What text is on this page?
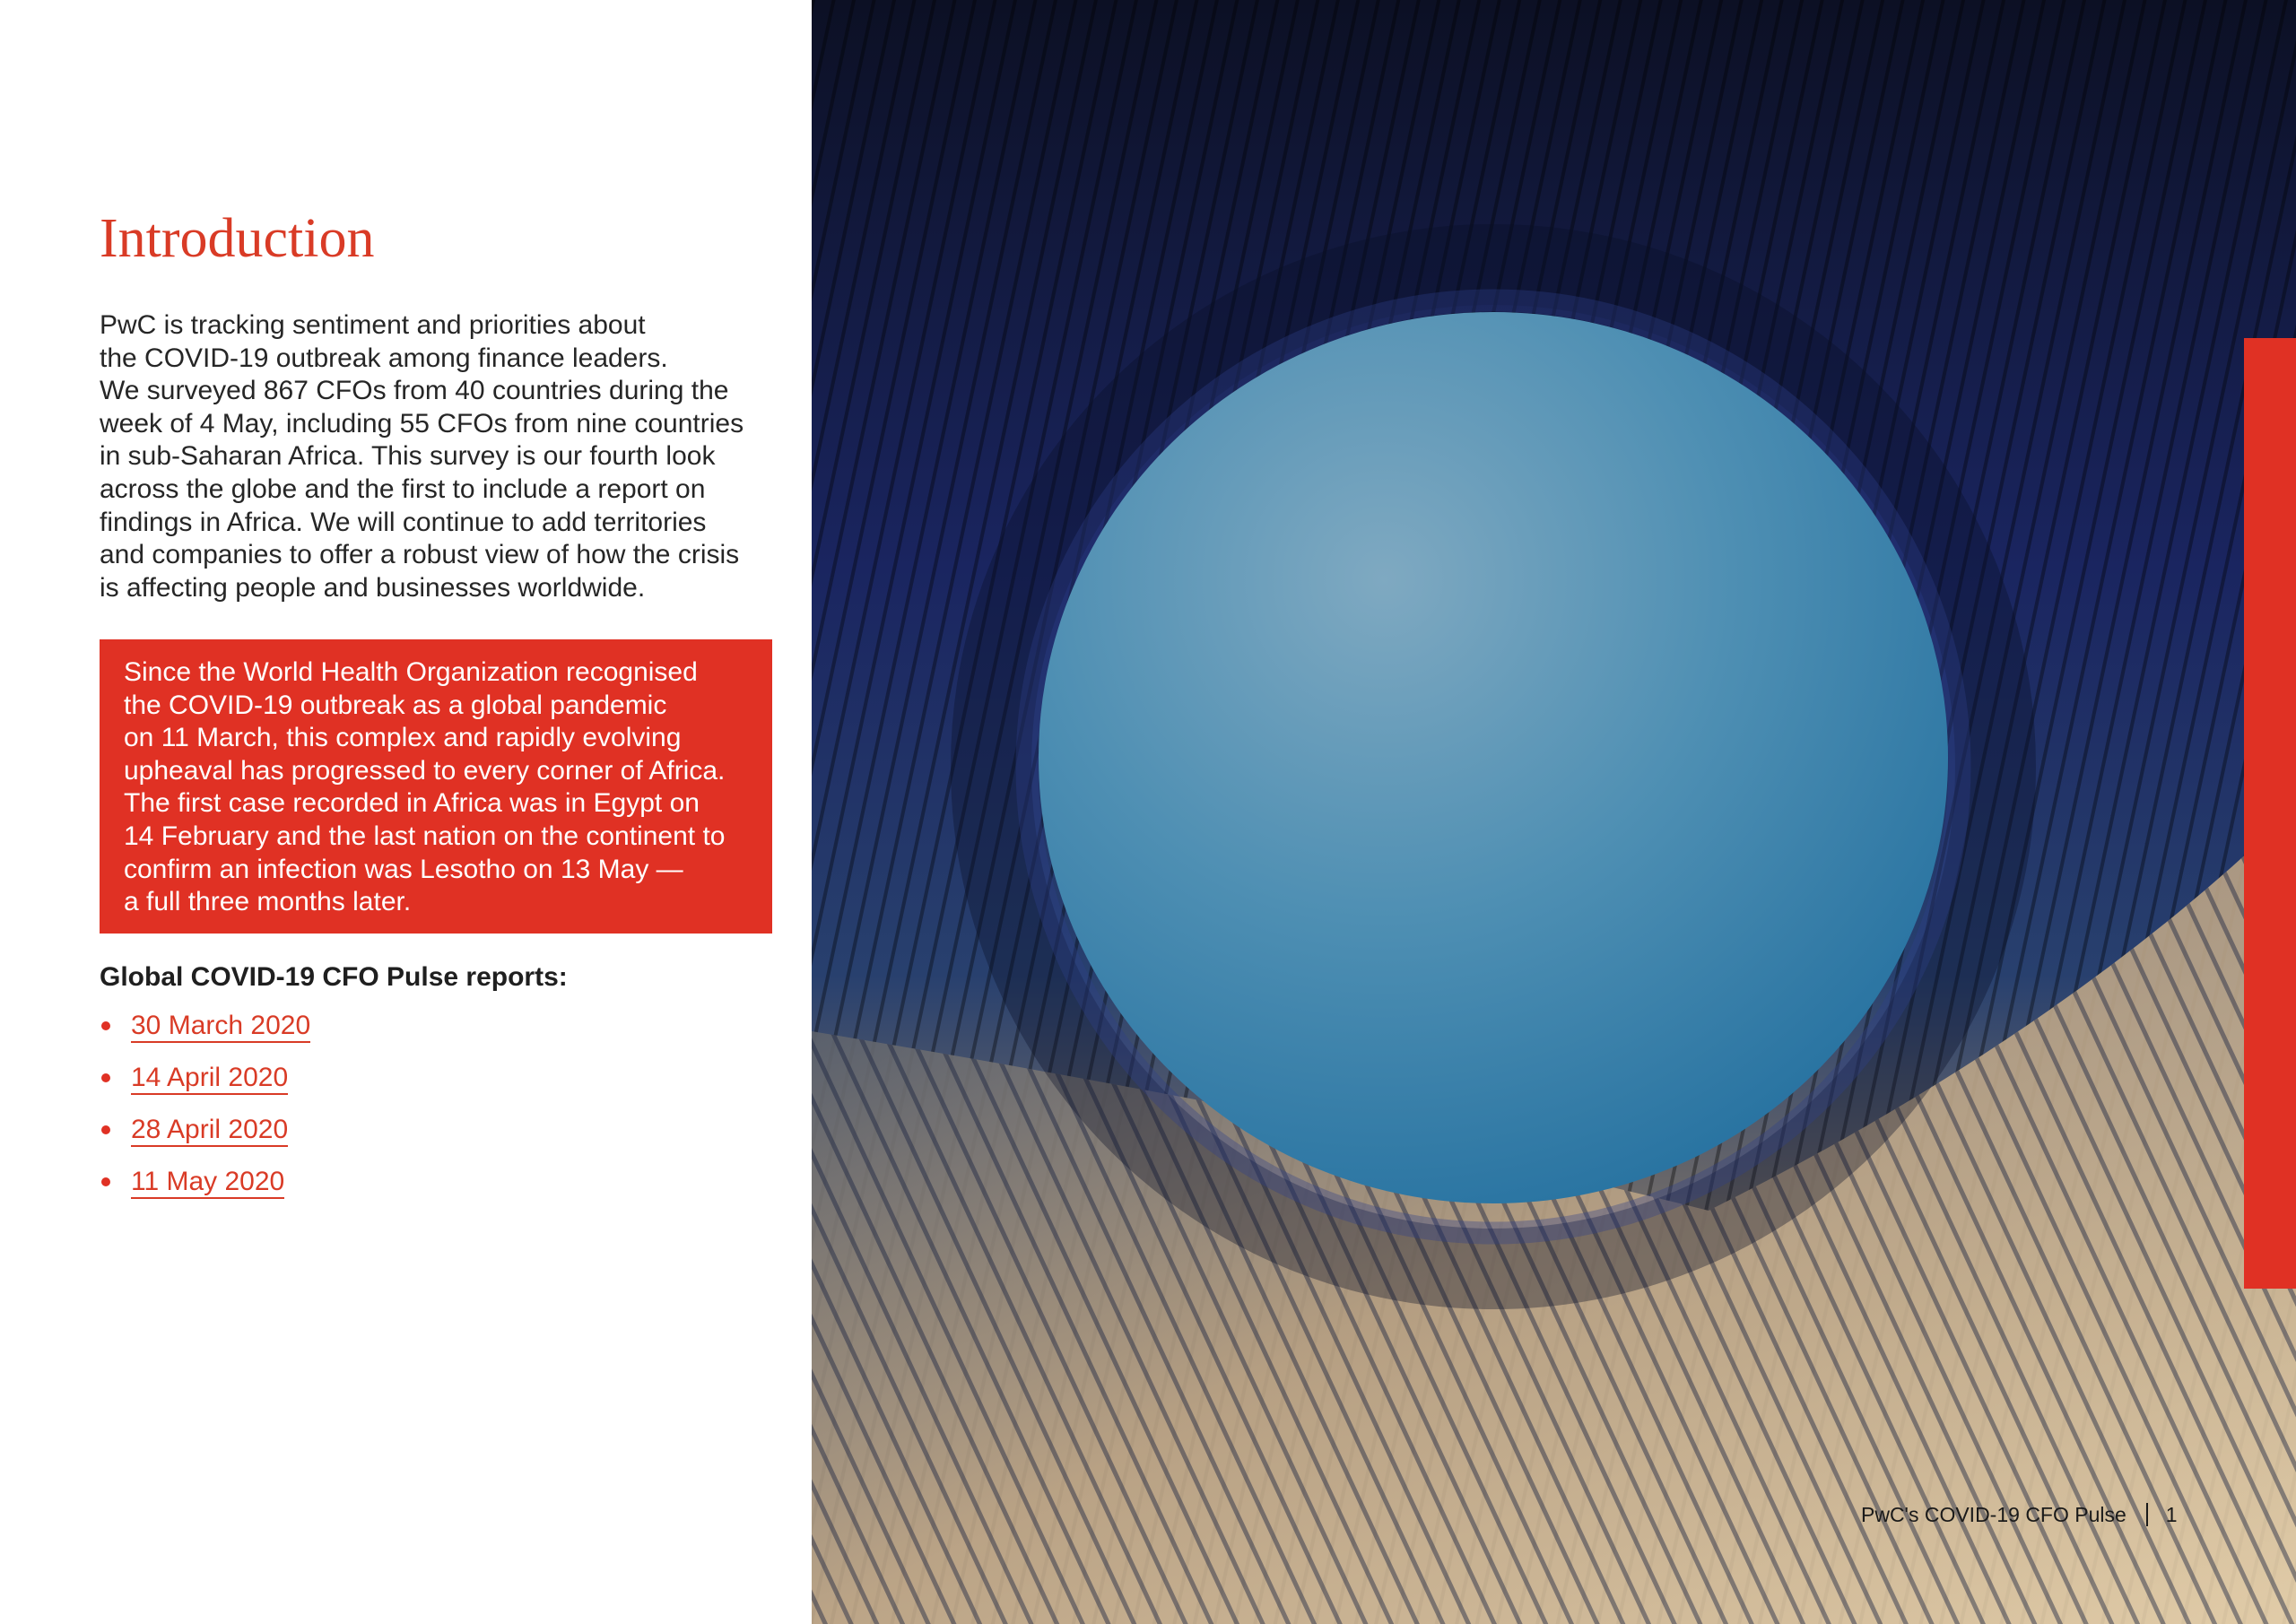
Introduction

PwC is tracking sentiment and priorities about
the COVID-19 outbreak among finance leaders.
We surveyed 867 CFOs from 40 countries during the
week of 4 May, including 55 CFOs from nine countries
in sub-Saharan Africa. This survey is our fourth look
across the globe and the first to include a report on
findings in Africa. We will continue to add territories
and companies to offer a robust view of how the crisis
is affecting people and businesses worldwide.

Since the World Health Organization recognised
the COVID-19 outbreak as a global pandemic
on 11 March, this complex and rapidly evolving
upheaval has progressed to every corner of Africa.
The first case recorded in Africa was in Egypt on
14 February and the last nation on the continent to
confirm an infection was Lesotho on 13 May —
a full three months later.

Global COVID-19 CFO Pulse reports:
30 March 2020
14 April 2020
28 April 2020
11 May 2020
PwC's COVID-19 CFO Pulse 1
